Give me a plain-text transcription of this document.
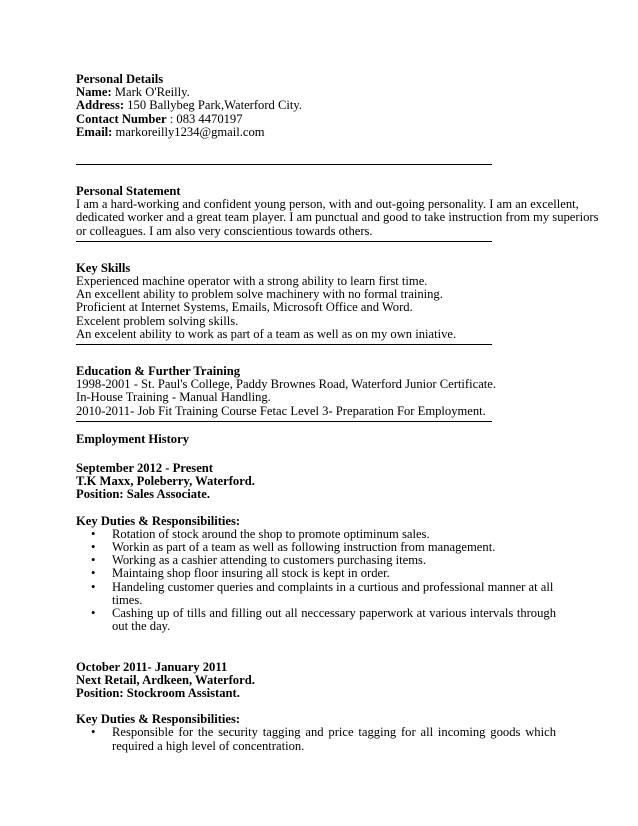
Personal Details
Name: Mark O'Reilly.
Address: 150 Ballybeg Park,Waterford City.
Contact Number : 083 4470197
Email: markoreilly1234@gmail.com
Personal Statement
I am a hard-working and confident young person, with and out-going personality. I am an excellent,
dedicated worker and a great team player. I am punctual and good to take instruction from my superiors
or colleagues. I am also very conscientious towards others.
Key Skills
Experienced machine operator with a strong ability to learn first time.
An excellent ability to problem solve machinery with no formal training.
Proficient at Internet Systems, Emails, Microsoft Office and Word.
Excelent problem solving skills.
An excelent ability to work as part of a team as well as on my own iniative.
Education & Further Training
1998-2001 - St. Paul's College, Paddy Brownes Road, Waterford Junior Certificate.
In-House Training - Manual Handling.
2010-2011- Job Fit Training Course Fetac Level 3- Preparation For Employment.
Employment History
September 2012 - Present
T.K Maxx, Poleberry, Waterford.
Position: Sales Associate.
Key Duties & Responsibilities:
• Rotation of stock around the shop to promote optiminum sales.
• Workin as part of a team as well as following instruction from management.
• Working as a cashier attending to customers purchasing items.
• Maintaing shop floor insuring all stock is kept in order.
• Handeling customer queries and complaints in a curtious and professional manner at all times.
• Cashing up of tills and filling out all neccessary paperwork at various intervals through out the day.
October 2011- January 2011
Next Retail, Ardkeen, Waterford.
Position: Stockroom Assistant.
Key Duties & Responsibilities:
• Responsible for the security tagging and price tagging for all incoming goods which required a high level of concentration.
